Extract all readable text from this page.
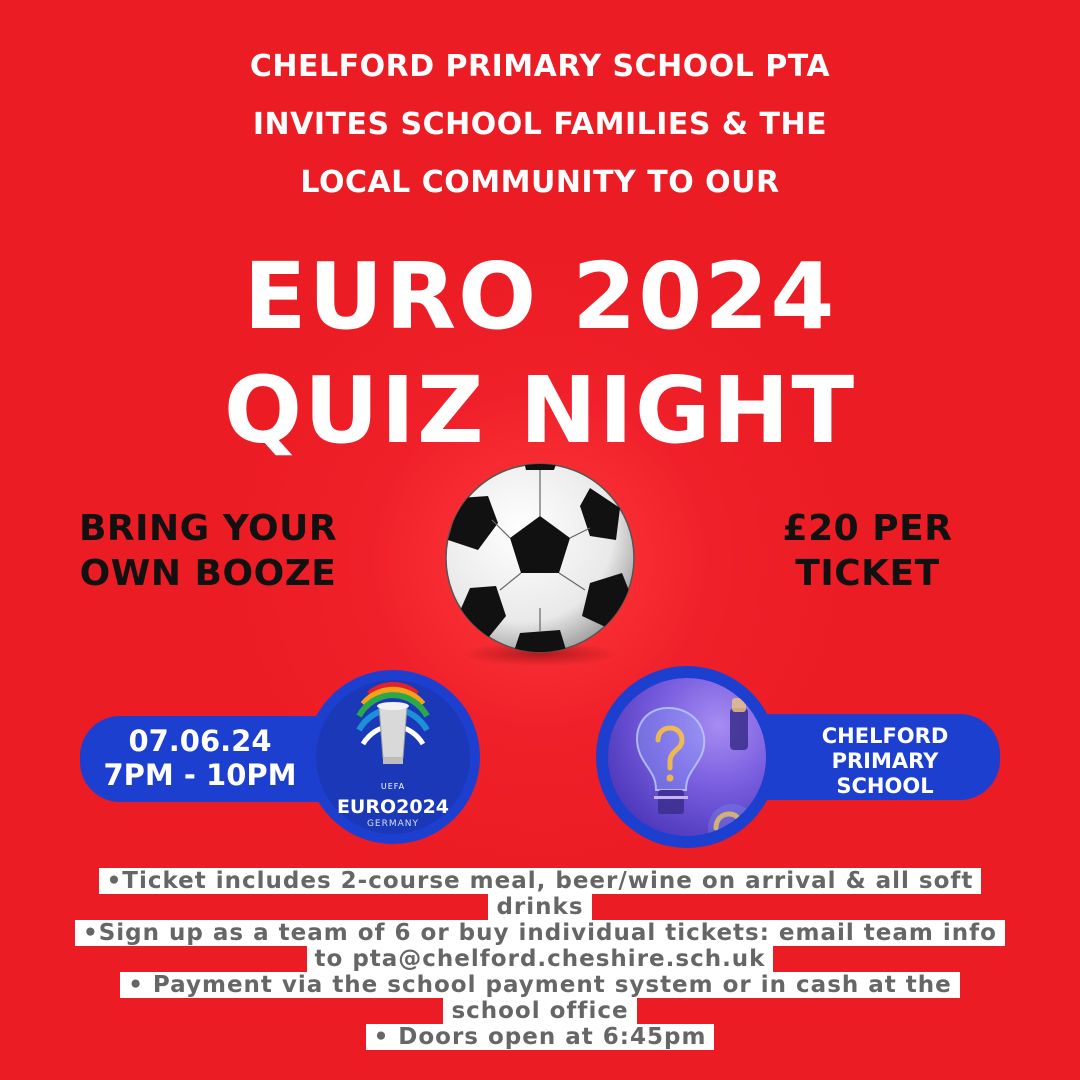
CHELFORD PRIMARY SCHOOL PTA
INVITES SCHOOL FAMILIES & THE
LOCAL COMMUNITY TO OUR
EURO 2024
QUIZ NIGHT
BRING YOUR
OWN BOOZE
£20 PER
TICKET
07.06.24
7PM - 10PM	UEFA
EURO2024
GERMANY
CHELFORD
PRIMARY
SCHOOL
•Ticket includes 2-course meal, beer/wine on arrival & all soft
drinks
•Sign up as a team of 6 or buy individual tickets: email team info
to pta@chelford.cheshire.sch.uk
• Payment via the school payment system or in cash at the
school office
• Doors open at 6:45pm
